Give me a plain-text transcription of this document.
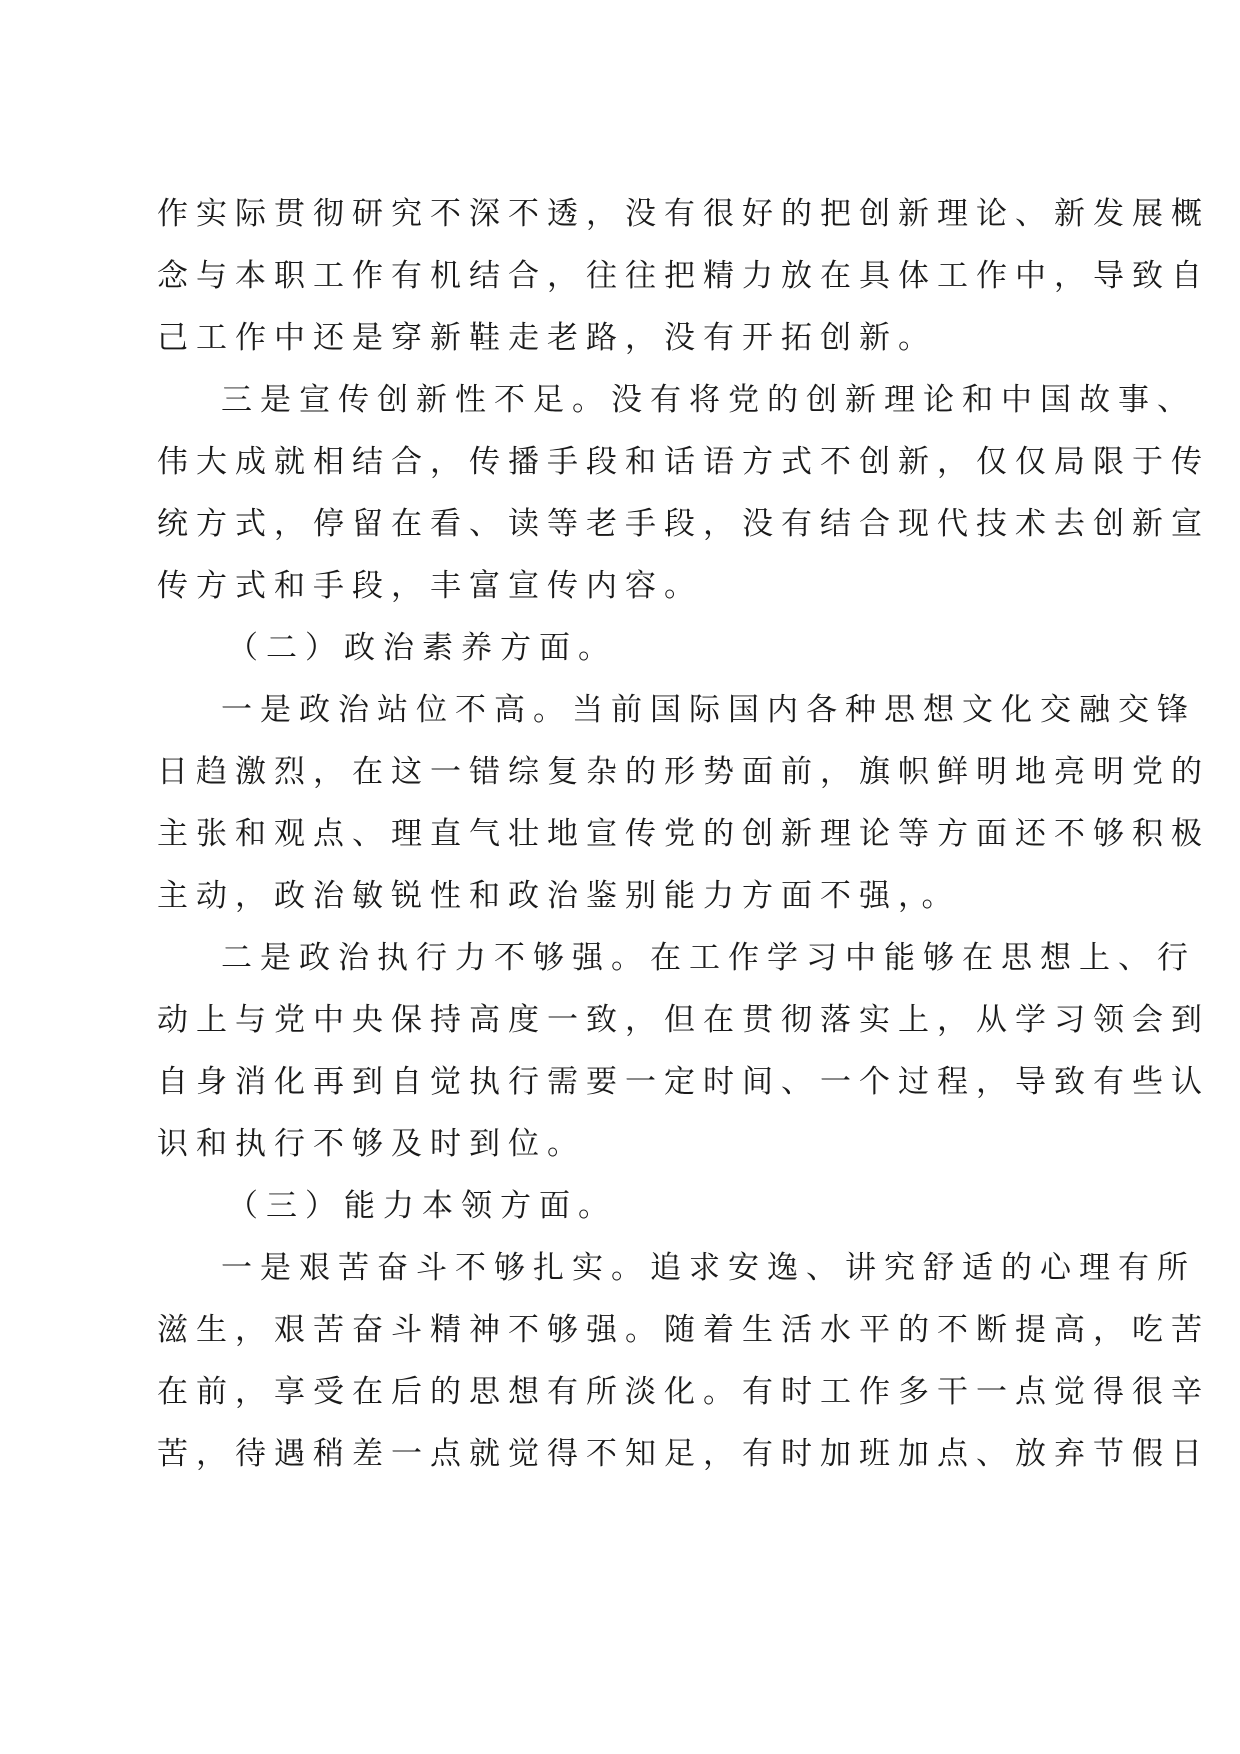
作实际贯彻研究不深不透，没有很好的把创新理论、新发展概
念与本职工作有机结合，往往把精力放在具体工作中，导致自
己工作中还是穿新鞋走老路，没有开拓创新。
三是宣传创新性不足。没有将党的创新理论和中国故事、
伟大成就相结合，传播手段和话语方式不创新，仅仅局限于传
统方式，停留在看、读等老手段，没有结合现代技术去创新宣
传方式和手段，丰富宣传内容。
（二）政治素养方面。
一是政治站位不高。当前国际国内各种思想文化交融交锋
日趋激烈，在这一错综复杂的形势面前，旗帜鲜明地亮明党的
主张和观点、理直气壮地宣传党的创新理论等方面还不够积极
主动，政治敏锐性和政治鉴别能力方面不强，。
二是政治执行力不够强。在工作学习中能够在思想上、行
动上与党中央保持高度一致，但在贯彻落实上，从学习领会到
自身消化再到自觉执行需要一定时间、一个过程，导致有些认
识和执行不够及时到位。
（三）能力本领方面。
一是艰苦奋斗不够扎实。追求安逸、讲究舒适的心理有所
滋生，艰苦奋斗精神不够强。随着生活水平的不断提高，吃苦
在前，享受在后的思想有所淡化。有时工作多干一点觉得很辛
苦，待遇稍差一点就觉得不知足，有时加班加点、放弃节假日
